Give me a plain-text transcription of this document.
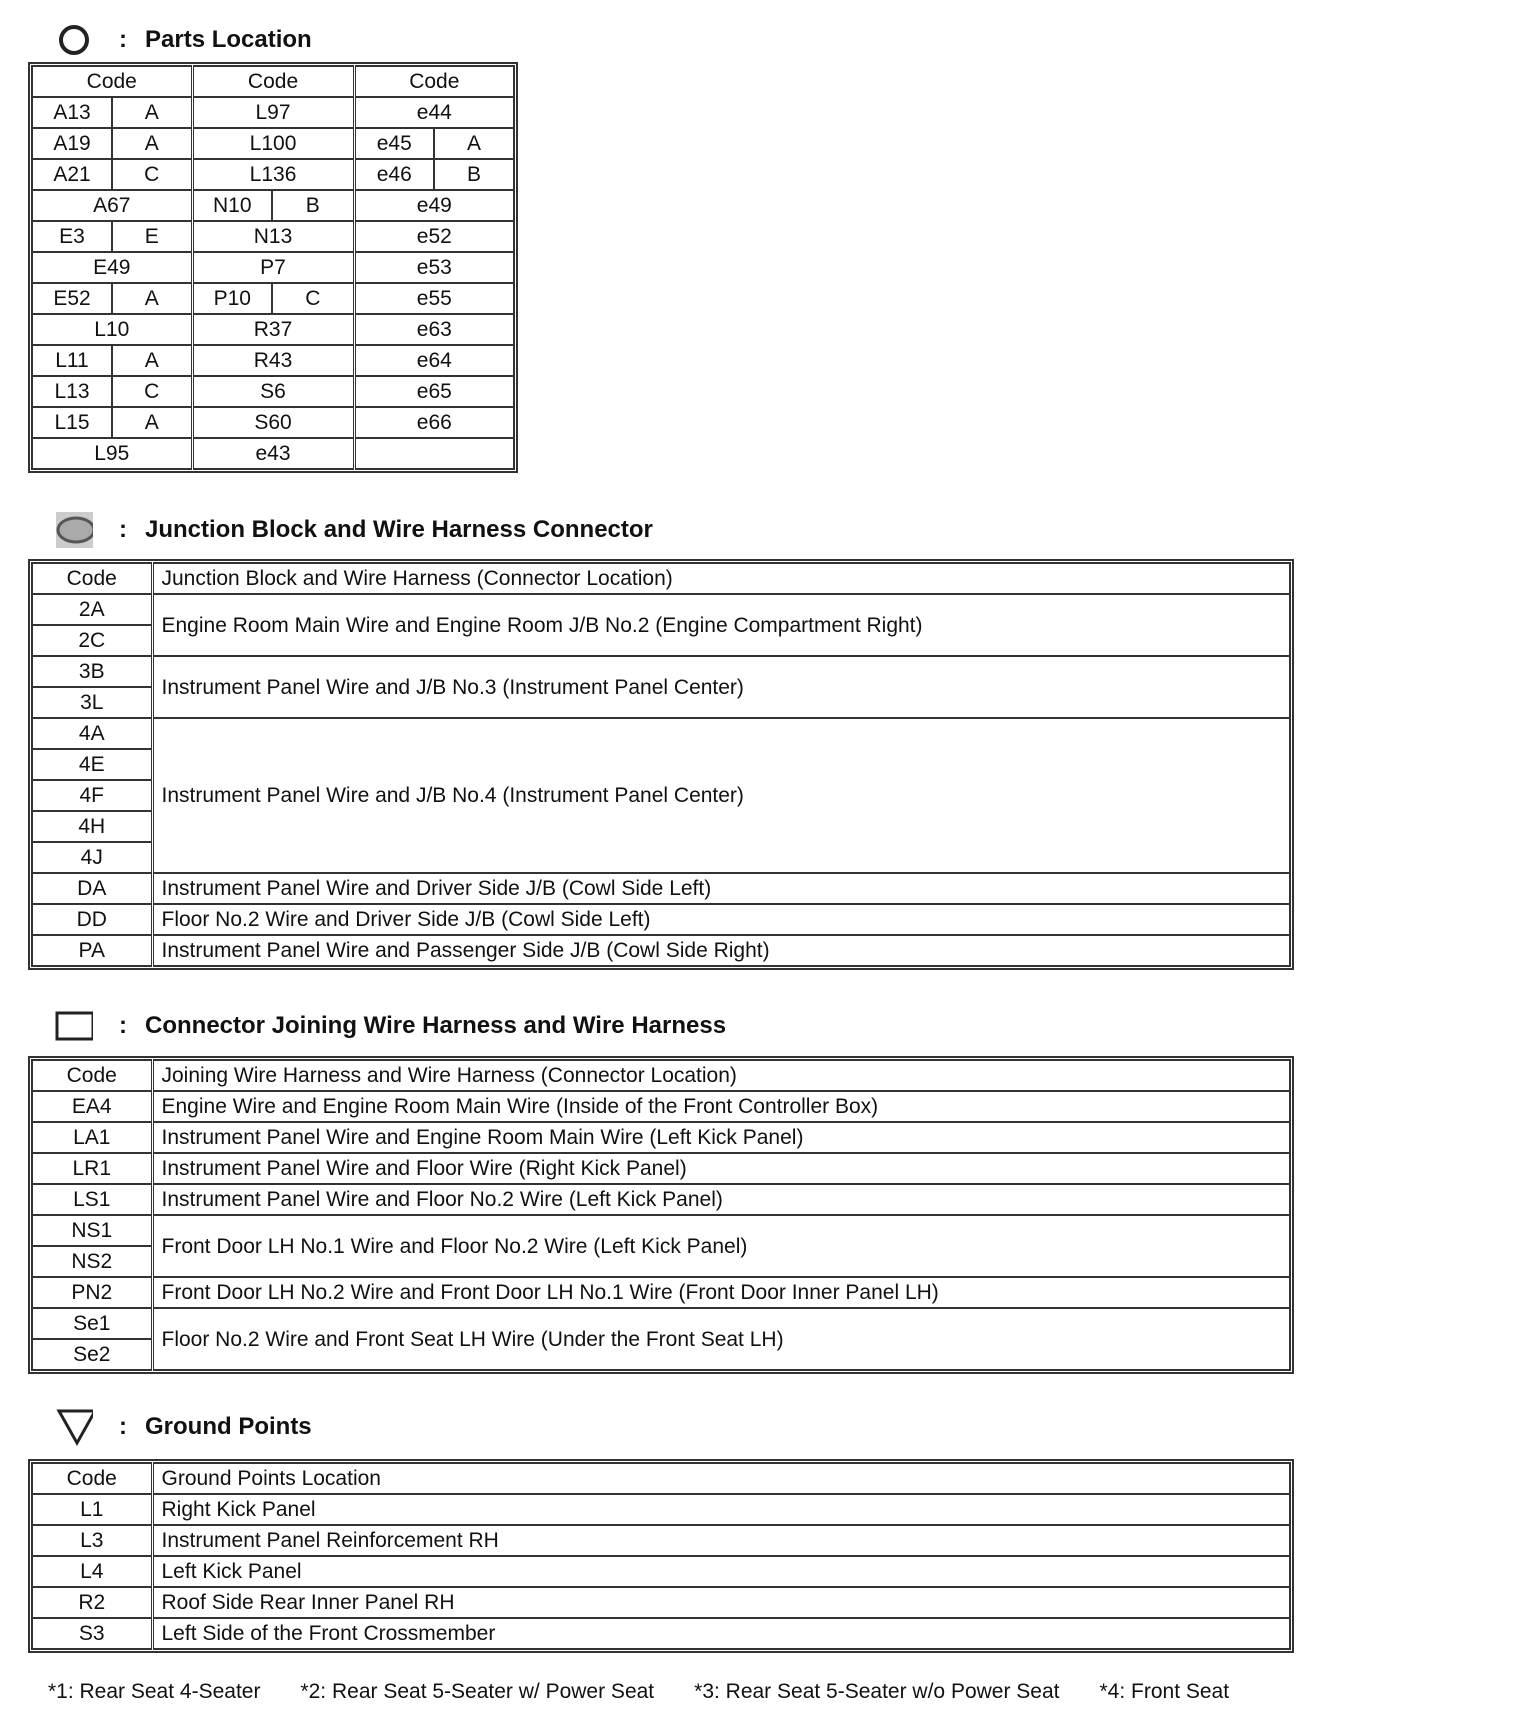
: Parts Location
Code		Code		Code	
A13	A	L97		e44	
A19	A	L100		e45	A
A21	C	L136		e46	B
A67		N10	B	e49	
E3	E	N13		e52	
E49		P7		e53	
E52	A	P10	C	e55	
L10		R37		e63	
L11	A	R43		e64	
L13	C	S6		e65	
L15	A	S60		e66	
L95		e43			
: Junction Block and Wire Harness Connector
Code	Junction Block and Wire Harness (Connector Location)
2A	Engine Room Main Wire and Engine Room J/B No.2 (Engine Compartment Right)
2C	
3B	Instrument Panel Wire and J/B No.3 (Instrument Panel Center)
3L	
4A	Instrument Panel Wire and J/B No.4 (Instrument Panel Center)
4E	
4F	
4H	
4J	
DA	Instrument Panel Wire and Driver Side J/B (Cowl Side Left)
DD	Floor No.2 Wire and Driver Side J/B (Cowl Side Left)
PA	Instrument Panel Wire and Passenger Side J/B (Cowl Side Right)
: Connector Joining Wire Harness and Wire Harness
Code	Joining Wire Harness and Wire Harness (Connector Location)
EA4	Engine Wire and Engine Room Main Wire (Inside of the Front Controller Box)
LA1	Instrument Panel Wire and Engine Room Main Wire (Left Kick Panel)
LR1	Instrument Panel Wire and Floor Wire (Right Kick Panel)
LS1	Instrument Panel Wire and Floor No.2 Wire (Left Kick Panel)
NS1	Front Door LH No.1 Wire and Floor No.2 Wire (Left Kick Panel)
NS2	
PN2	Front Door LH No.2 Wire and Front Door LH No.1 Wire (Front Door Inner Panel LH)
Se1	Floor No.2 Wire and Front Seat LH Wire (Under the Front Seat LH)
Se2	
: Ground Points
Code	Ground Points Location
L1	Right Kick Panel
L3	Instrument Panel Reinforcement RH
L4	Left Kick Panel
R2	Roof Side Rear Inner Panel RH
S3	Left Side of the Front Crossmember
*1: Rear Seat 4-Seater *2: Rear Seat 5-Seater w/ Power Seat *3: Rear Seat 5-Seater w/o Power Seat *4: Front Seat
